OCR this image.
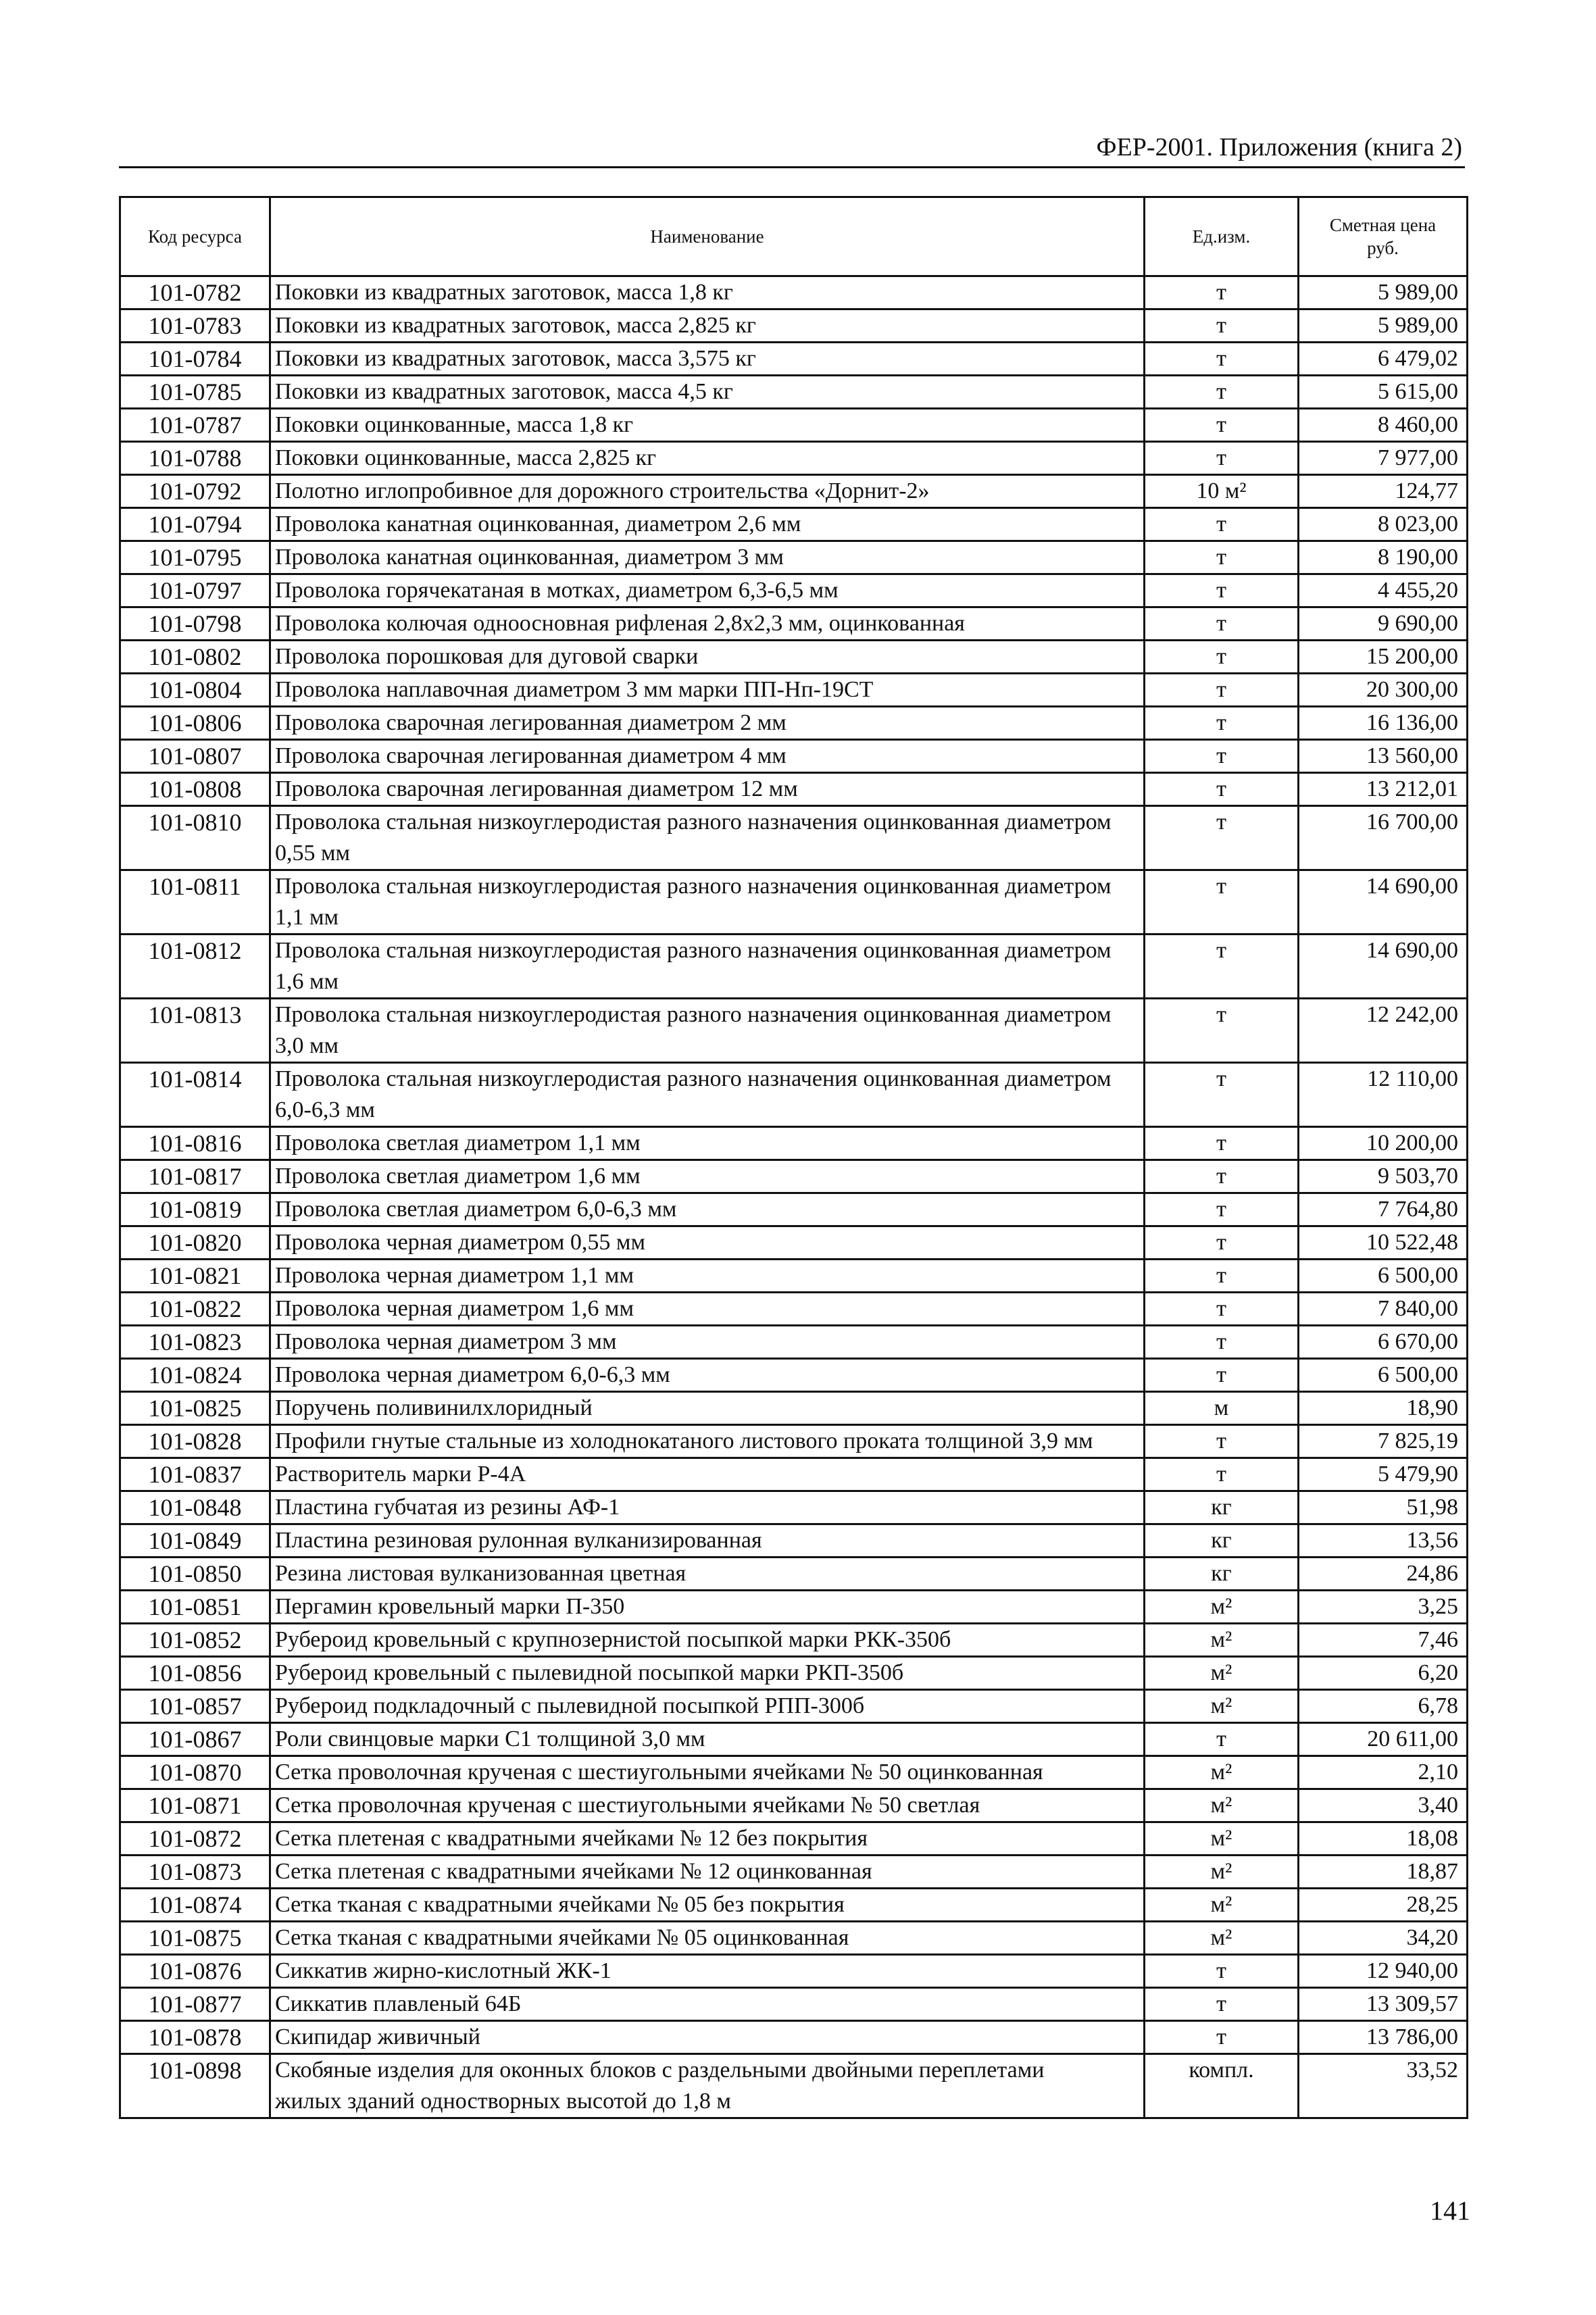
ФЕР-2001. Приложения (книга 2)
Код ресурса	Наименование	Ед.изм.	Сметная цена руб.
101-0782	Поковки из квадратных заготовок, масса 1,8 кг	т	5 989,00
101-0783	Поковки из квадратных заготовок, масса 2,825 кг	т	5 989,00
101-0784	Поковки из квадратных заготовок, масса 3,575 кг	т	6 479,02
101-0785	Поковки из квадратных заготовок, масса 4,5 кг	т	5 615,00
101-0787	Поковки оцинкованные, масса 1,8 кг	т	8 460,00
101-0788	Поковки оцинкованные, масса 2,825 кг	т	7 977,00
101-0792	Полотно иглопробивное для дорожного строительства «Дорнит-2»	10 м²	124,77
101-0794	Проволока канатная оцинкованная, диаметром 2,6 мм	т	8 023,00
101-0795	Проволока канатная оцинкованная, диаметром 3 мм	т	8 190,00
101-0797	Проволока горячекатаная в мотках, диаметром 6,3-6,5 мм	т	4 455,20
101-0798	Проволока колючая одноосновная рифленая 2,8х2,3 мм, оцинкованная	т	9 690,00
101-0802	Проволока порошковая для дуговой сварки	т	15 200,00
101-0804	Проволока наплавочная диаметром 3 мм марки ПП-Нп-19СТ	т	20 300,00
101-0806	Проволока сварочная легированная диаметром 2 мм	т	16 136,00
101-0807	Проволока сварочная легированная диаметром 4 мм	т	13 560,00
101-0808	Проволока сварочная легированная диаметром 12 мм	т	13 212,01
101-0810	Проволока стальная низкоуглеродистая разного назначения оцинкованная диаметром 0,55 мм	т	16 700,00
101-0811	Проволока стальная низкоуглеродистая разного назначения оцинкованная диаметром 1,1 мм	т	14 690,00
101-0812	Проволока стальная низкоуглеродистая разного назначения оцинкованная диаметром 1,6 мм	т	14 690,00
101-0813	Проволока стальная низкоуглеродистая разного назначения оцинкованная диаметром 3,0 мм	т	12 242,00
101-0814	Проволока стальная низкоуглеродистая разного назначения оцинкованная диаметром 6,0-6,3 мм	т	12 110,00
101-0816	Проволока светлая диаметром 1,1 мм	т	10 200,00
101-0817	Проволока светлая диаметром 1,6 мм	т	9 503,70
101-0819	Проволока светлая диаметром 6,0-6,3 мм	т	7 764,80
101-0820	Проволока черная диаметром 0,55 мм	т	10 522,48
101-0821	Проволока черная диаметром 1,1 мм	т	6 500,00
101-0822	Проволока черная диаметром 1,6 мм	т	7 840,00
101-0823	Проволока черная диаметром 3 мм	т	6 670,00
101-0824	Проволока черная диаметром 6,0-6,3 мм	т	6 500,00
101-0825	Поручень поливинилхлоридный	м	18,90
101-0828	Профили гнутые стальные из холоднокатаного листового проката толщиной 3,9 мм	т	7 825,19
101-0837	Растворитель марки Р-4А	т	5 479,90
101-0848	Пластина губчатая из резины АФ-1	кг	51,98
101-0849	Пластина резиновая рулонная вулканизированная	кг	13,56
101-0850	Резина листовая вулканизованная цветная	кг	24,86
101-0851	Пергамин кровельный марки П-350	м²	3,25
101-0852	Рубероид кровельный с крупнозернистой посыпкой марки РКК-350б	м²	7,46
101-0856	Рубероид кровельный с пылевидной посыпкой марки РКП-350б	м²	6,20
101-0857	Рубероид подкладочный с пылевидной посыпкой РПП-300б	м²	6,78
101-0867	Роли свинцовые марки С1 толщиной 3,0 мм	т	20 611,00
101-0870	Сетка проволочная крученая с шестиугольными ячейками № 50 оцинкованная	м²	2,10
101-0871	Сетка проволочная крученая с шестиугольными ячейками № 50 светлая	м²	3,40
101-0872	Сетка плетеная с квадратными ячейками № 12 без покрытия	м²	18,08
101-0873	Сетка плетеная с квадратными ячейками № 12 оцинкованная	м²	18,87
101-0874	Сетка тканая с квадратными ячейками № 05 без покрытия	м²	28,25
101-0875	Сетка тканая с квадратными ячейками № 05 оцинкованная	м²	34,20
101-0876	Сиккатив жирно-кислотный ЖК-1	т	12 940,00
101-0877	Сиккатив плавленый 64Б	т	13 309,57
101-0878	Скипидар живичный	т	13 786,00
101-0898	Скобяные изделия для оконных блоков с раздельными двойными переплетами жилых зданий одностворных высотой до 1,8 м	компл.	33,52
141
